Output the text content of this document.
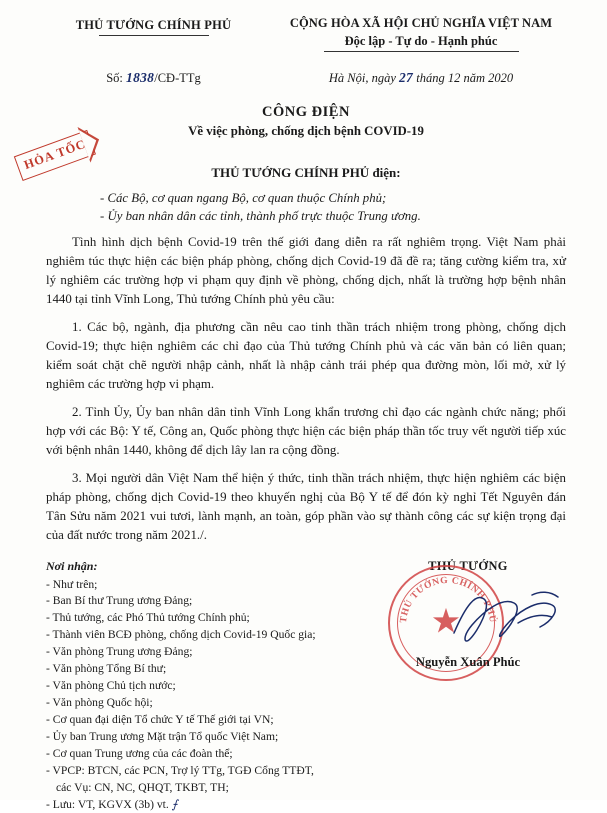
HỎA TỐC
THỦ TƯỚNG CHÍNH PHỦ	CỘNG HÒA XÃ HỘI CHỦ NGHĨA VIỆT NAM
Độc lập - Tự do - Hạnh phúc
Số: 1838/CĐ-TTg	Hà Nội, ngày 27 tháng 12 năm 2020
CÔNG ĐIỆN
Về việc phòng, chống dịch bệnh COVID-19
THỦ TƯỚNG CHÍNH PHỦ điện:
- Các Bộ, cơ quan ngang Bộ, cơ quan thuộc Chính phủ;
- Ủy ban nhân dân các tỉnh, thành phố trực thuộc Trung ương.
Tình hình dịch bệnh Covid-19 trên thế giới đang diễn ra rất nghiêm trọng. Việt Nam phải nghiêm túc thực hiện các biện pháp phòng, chống dịch Covid-19 đã đề ra; tăng cường kiểm tra, xử lý nghiêm các trường hợp vi phạm quy định về phòng, chống dịch, nhất là trường hợp bệnh nhân 1440 tại tỉnh Vĩnh Long, Thủ tướng Chính phủ yêu cầu:
1. Các bộ, ngành, địa phương cần nêu cao tinh thần trách nhiệm trong phòng, chống dịch Covid-19; thực hiện nghiêm các chỉ đạo của Thủ tướng Chính phủ và các văn bản có liên quan; kiểm soát chặt chẽ người nhập cảnh, nhất là nhập cảnh trái phép qua đường mòn, lối mở, xử lý nghiêm các trường hợp vi phạm.
2. Tỉnh Ủy, Ủy ban nhân dân tỉnh Vĩnh Long khẩn trương chỉ đạo các ngành chức năng; phối hợp với các Bộ: Y tế, Công an, Quốc phòng thực hiện các biện pháp thần tốc truy vết người tiếp xúc với bệnh nhân 1440, không để dịch lây lan ra cộng đồng.
3. Mọi người dân Việt Nam thể hiện ý thức, tinh thần trách nhiệm, thực hiện nghiêm các biện pháp phòng, chống dịch Covid-19 theo khuyến nghị của Bộ Y tế để đón kỳ nghỉ Tết Nguyên đán Tân Sửu năm 2021 vui tươi, lành mạnh, an toàn, góp phần vào sự thành công các sự kiện trọng đại của đất nước trong năm 2021./.
Nơi nhận:
- Như trên;
- Ban Bí thư Trung ương Đảng;
- Thủ tướng, các Phó Thủ tướng Chính phủ;
- Thành viên BCĐ phòng, chống dịch Covid-19 Quốc gia;
- Văn phòng Trung ương Đảng;
- Văn phòng Tổng Bí thư;
- Văn phòng Chủ tịch nước;
- Văn phòng Quốc hội;
- Cơ quan đại diện Tổ chức Y tế Thế giới tại VN;
- Ủy ban Trung ương Mặt trận Tổ quốc Việt Nam;
- Cơ quan Trung ương của các đoàn thể;
- VPCP: BTCN, các PCN, Trợ lý TTg, TGĐ Cổng TTĐT,
các Vụ: CN, NC, QHQT, TKBT, TH;
- Lưu: VT, KGVX (3b) vt. ⨍
THỦ TƯỚNG
★
THỦ TƯỚNG CHÍNH PHỦ
Nguyễn Xuân Phúc
